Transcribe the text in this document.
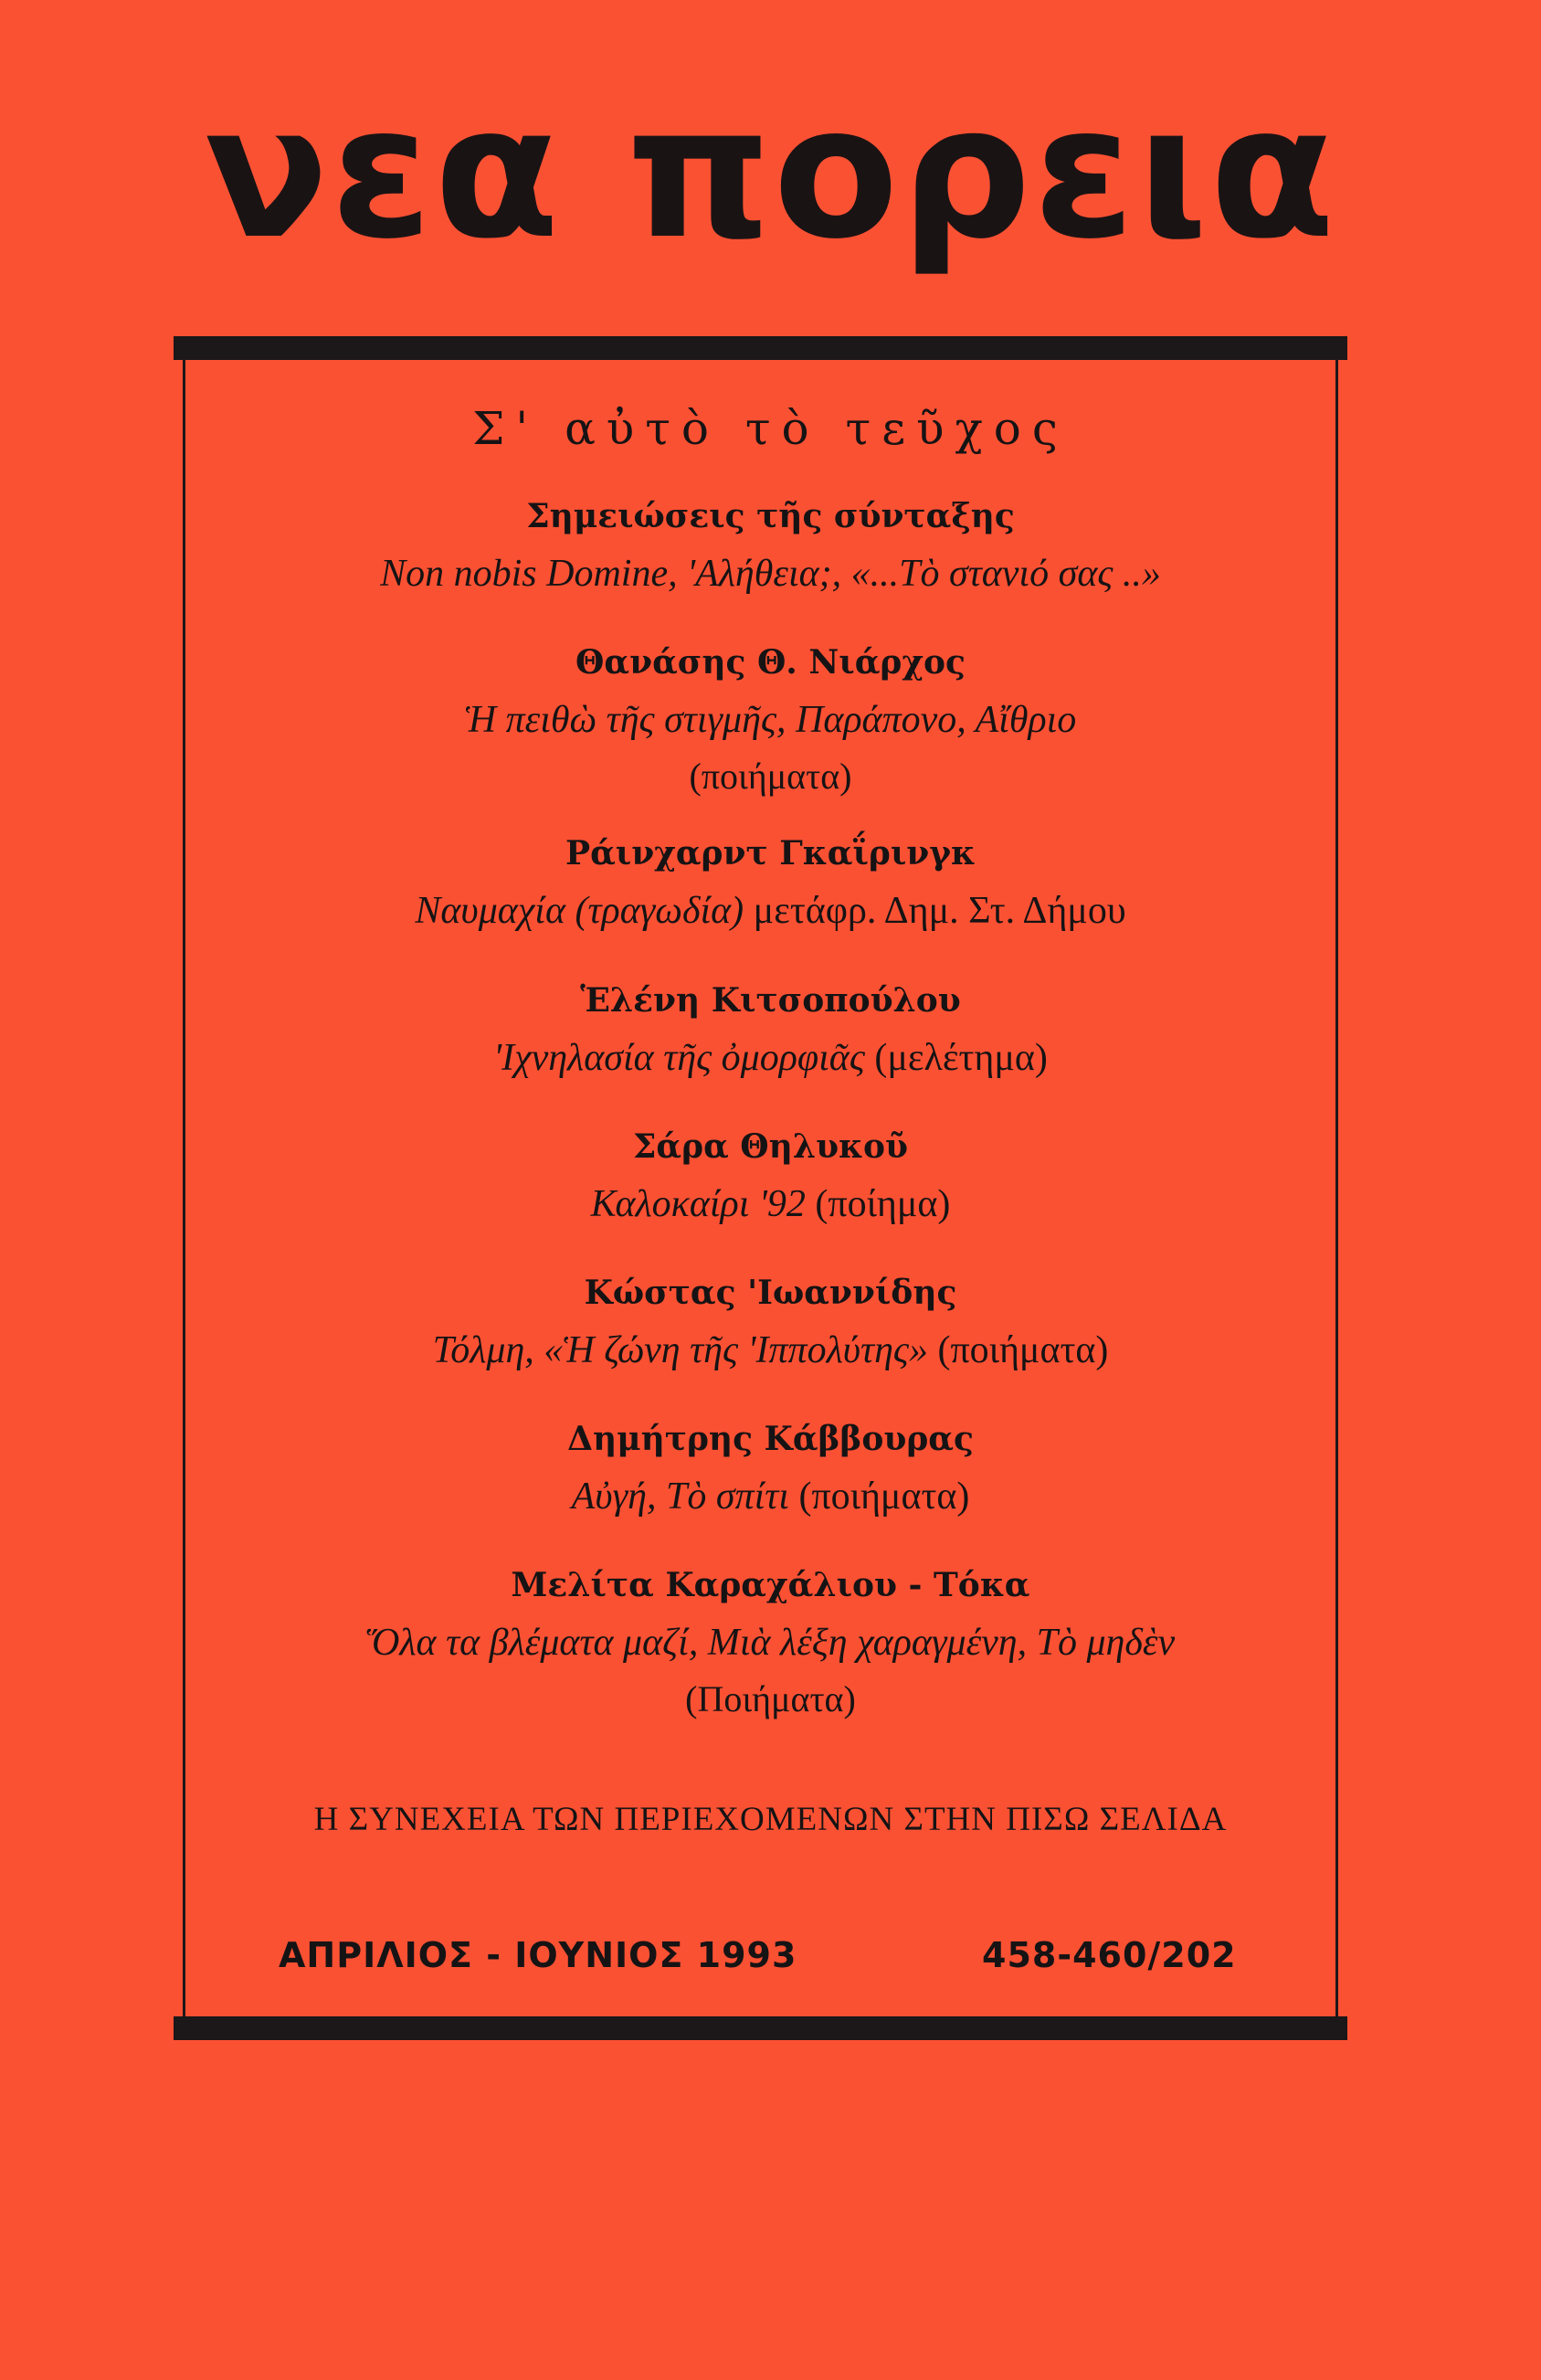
νεα πορεια
Σ' αὐτὸ τὸ τεῦχος
Σημειώσεις τῆς σύνταξης
Non nobis Domine, 'Αλήθεια;, «...Τὸ στανιό σας ..»
Θανάσης Θ. Νιάρχος
Ἡ πειθὼ τῆς στιγμῆς, Παράπονο, Αἴθριο
(ποιήματα)
Ράινχαρντ Γκαΐρινγκ
Ναυμαχία (τραγωδία) μετάφρ. Δημ. Στ. Δήμου
Ἑλένη Κιτσοπούλου
'Ιχνηλασία τῆς ὀμορφιᾶς (μελέτημα)
Σάρα Θηλυκοῦ
Καλοκαίρι '92 (ποίημα)
Κώστας 'Ιωαννίδης
Τόλμη, «Ἡ ζώνη τῆς 'Ιππολύτης» (ποιήματα)
Δημήτρης Κάββουρας
Αὐγή, Τὸ σπίτι (ποιήματα)
Μελίτα Καραχάλιου - Τόκα
Ὅλα τα βλέματα μαζί, Μιὰ λέξη χαραγμένη, Τὸ μηδὲν
(Ποιήματα)
Η ΣΥΝΕΧΕΙΑ ΤΩΝ ΠΕΡΙΕΧΟΜΕΝΩΝ ΣΤΗΝ ΠΙΣΩ ΣΕΛΙΔΑ
ΑΠΡΙΛΙΟΣ - ΙΟΥΝΙΟΣ 1993	458-460/202
